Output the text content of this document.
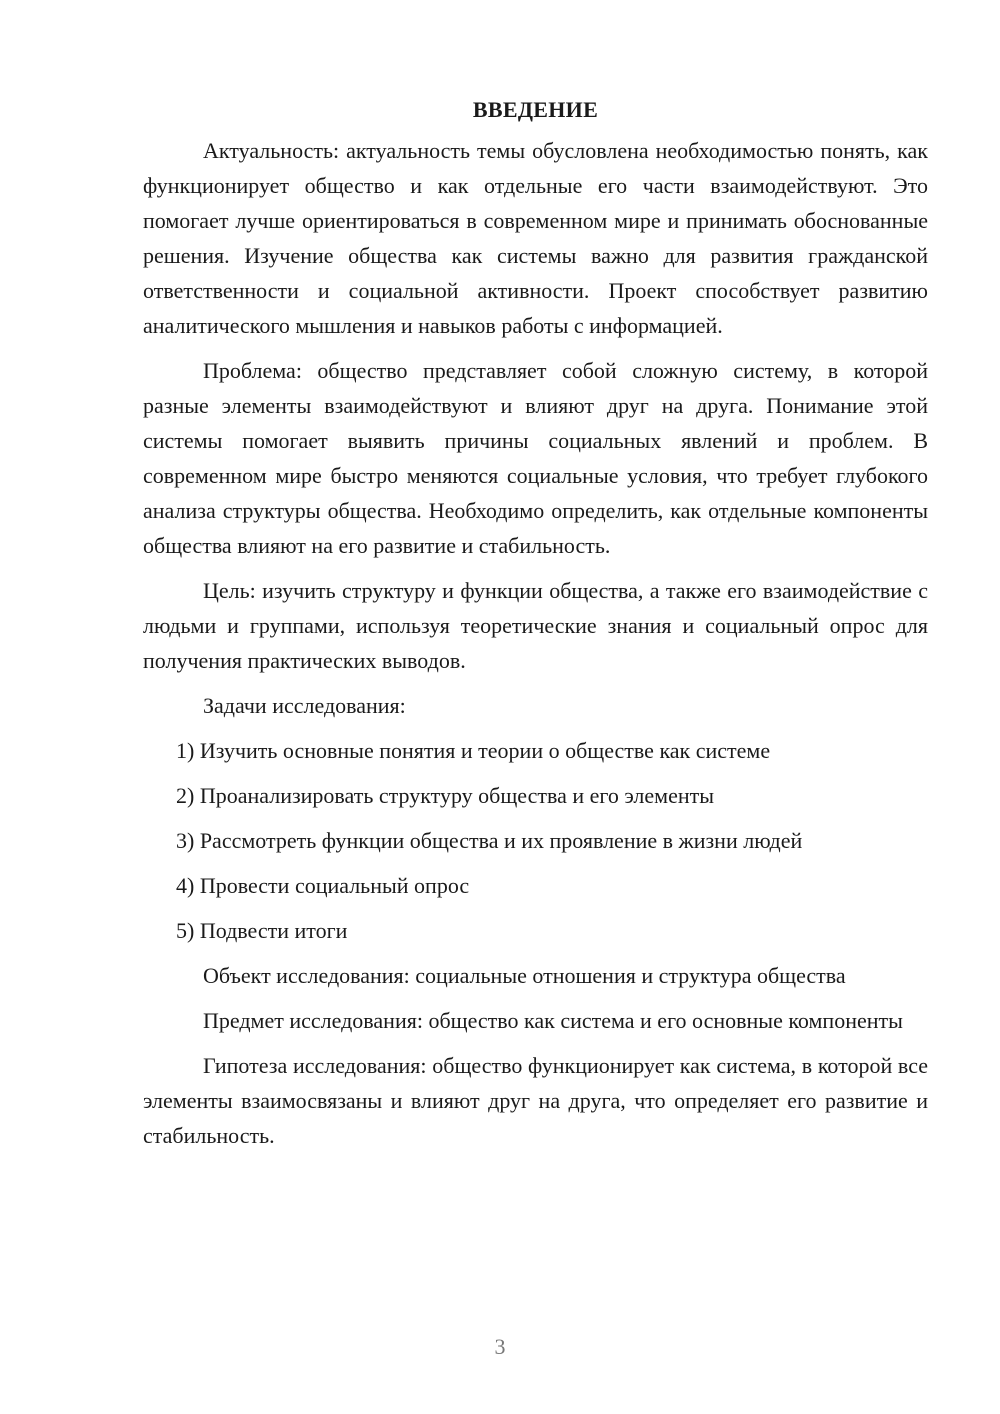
ВВЕДЕНИЕ

Актуальность: актуальность темы обусловлена необходимостью понять, как функционирует общество и как отдельные его части взаимодействуют. Это помогает лучше ориентироваться в современном мире и принимать обоснованные решения. Изучение общества как системы важно для развития гражданской ответственности и социальной активности. Проект способствует развитию аналитического мышления и навыков работы с информацией.

Проблема: общество представляет собой сложную систему, в которой разные элементы взаимодействуют и влияют друг на друга. Понимание этой системы помогает выявить причины социальных явлений и проблем. В современном мире быстро меняются социальные условия, что требует глубокого анализа структуры общества. Необходимо определить, как отдельные компоненты общества влияют на его развитие и стабильность.

Цель: изучить структуру и функции общества, а также его взаимодействие с людьми и группами, используя теоретические знания и социальный опрос для получения практических выводов.

Задачи исследования:

1) Изучить основные понятия и теории о обществе как системе
2) Проанализировать структуру общества и его элементы
3) Рассмотреть функции общества и их проявление в жизни людей
4) Провести социальный опрос
5) Подвести итоги

Объект исследования: социальные отношения и структура общества

Предмет исследования: общество как система и его основные компоненты

Гипотеза исследования: общество функционирует как система, в которой все элементы взаимосвязаны и влияют друг на друга, что определяет его развитие и стабильность.

3
